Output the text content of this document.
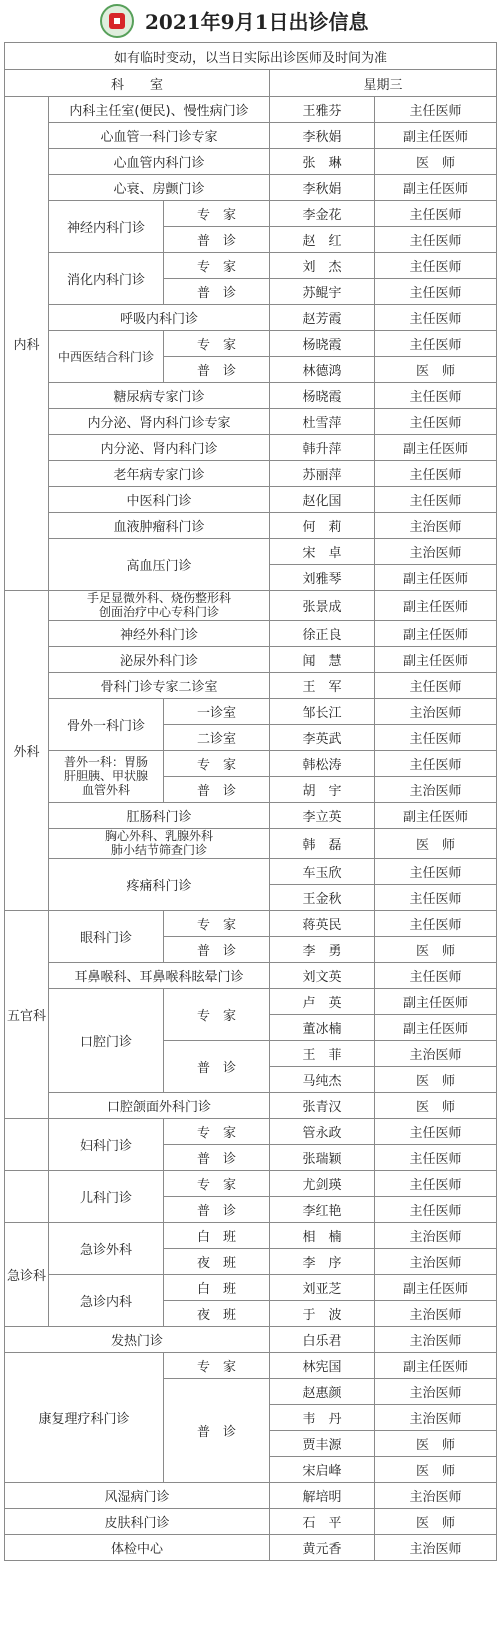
2021年9月1日出诊信息
如有临时变动，以当日实际出诊医师及时间为准				
科　　室			星期三	
内科	内科主任室(便民)、慢性病门诊		王雅芬	主任医师
	心血管一科门诊专家		李秋娟	副主任医师
	心血管内科门诊		张　琳	医　师
	心衰、房颤门诊		李秋娟	副主任医师
	神经内科门诊	专　家	李金花	主任医师
		普　诊	赵　红	主任医师
	消化内科门诊	专　家	刘　杰	主任医师
		普　诊	苏鲲宇	主任医师
	呼吸内科门诊		赵芳霞	主任医师
	中西医结合科门诊	专　家	杨晓霞	主任医师
		普　诊	林德鸿	医　师
	糖尿病专家门诊		杨晓霞	主任医师
	内分泌、肾内科门诊专家		杜雪萍	主任医师
	内分泌、肾内科门诊		韩升萍	副主任医师
	老年病专家门诊		苏丽萍	主任医师
	中医科门诊		赵化国	主任医师
	血液肿瘤科门诊		何　莉	主治医师
	高血压门诊		宋　卓	主治医师
			刘雅琴	副主任医师
外科	手足显微外科、烧伤整形科
创面治疗中心专科门诊		张景成	副主任医师
	神经外科门诊		徐正良	副主任医师
	泌尿外科门诊		闻　慧	副主任医师
	骨科门诊专家二诊室		王　军	主任医师
	骨外一科门诊	一诊室	邹长江	主治医师
		二诊室	李英武	主任医师
	普外一科：胃肠
肝胆胰、甲状腺
血管外科	专　家	韩松涛	主任医师
		普　诊	胡　宇	主治医师
	肛肠科门诊		李立英	副主任医师
	胸心外科、乳腺外科
肺小结节筛查门诊		韩　磊	医　师
	疼痛科门诊		车玉欣	主任医师
			王金秋	主任医师
五官科	眼科门诊	专　家	蒋英民	主任医师
		普　诊	李　勇	医　师
	耳鼻喉科、耳鼻喉科眩晕门诊		刘文英	主任医师
	口腔门诊	专　家	卢　英	副主任医师
			董冰楠	副主任医师
		普　诊	王　菲	主治医师
			马纯杰	医　师
	口腔颌面外科门诊		张青汉	医　师
	妇科门诊	专　家	管永政	主任医师
		普　诊	张瑞颖	主任医师
	儿科门诊	专　家	尤剑瑛	主任医师
		普　诊	李红艳	主任医师
急诊科	急诊外科	白　班	相　楠	主治医师
		夜　班	李　序	主治医师
	急诊内科	白　班	刘亚芝	副主任医师
		夜　班	于　波	主治医师
发热门诊			白乐君	主治医师
康复理疗科门诊		专　家	林宪国	副主任医师
		普　诊	赵惠颜	主治医师
			韦　丹	主治医师
			贾丰源	医　师
			宋启峰	医　师
风湿病门诊			解培明	主治医师
皮肤科门诊			石　平	医　师
体检中心			黄元香	主治医师
